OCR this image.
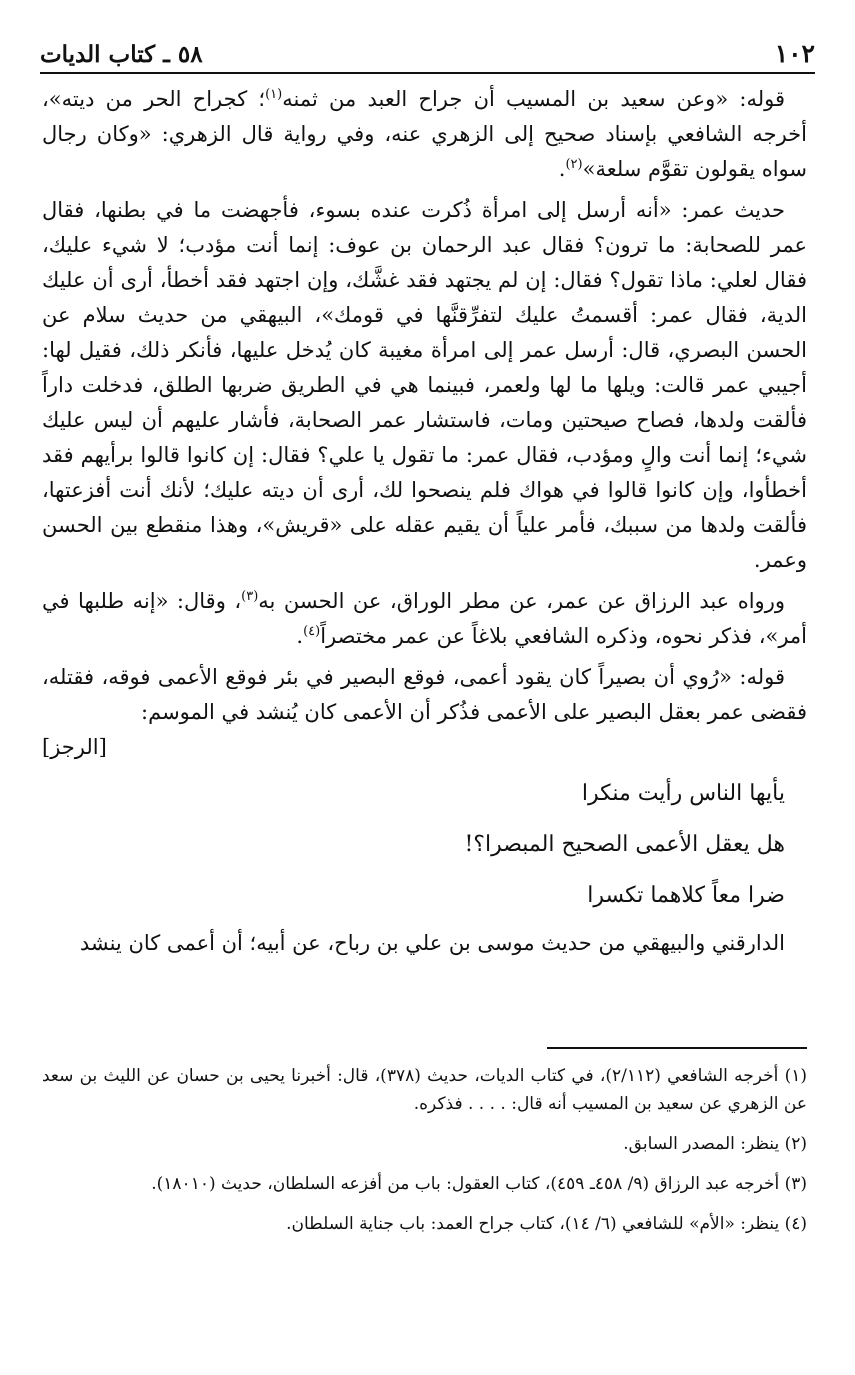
١٠٢
٥٨ ـ كتاب الديات

قوله: «وعن سعيد بن المسيب أن جراح العبد من ثمنه$^{(١)}$؛ كجراح الحر من ديته»، أخرجه الشافعي بإسناد صحيح إلى الزهري عنه، وفي رواية قال الزهري: «وكان رجال سواه يقولون تقوَّم سلعة»$^{(٢)}$.

حديث عمر: «أنه أرسل إلى امرأة ذُكرت عنده بسوء، فأجهضت ما في بطنها، فقال عمر للصحابة: ما ترون؟ فقال عبد الرحمان بن عوف: إنما أنت مؤدب؛ لا شيء عليك، فقال لعلي: ماذا تقول؟ فقال: إن لم يجتهد فقد غشَّك، وإن اجتهد فقد أخطأ، أرى أن عليك الدية، فقال عمر: أقسمتُ عليك لتفرِّقنَّها في قومك»، البيهقي من حديث سلام عن الحسن البصري، قال: أرسل عمر إلى امرأة مغيبة كان يُدخل عليها، فأنكر ذلك، فقيل لها: أجيبي عمر قالت: ويلها ما لها ولعمر، فبينما هي في الطريق ضربها الطلق، فدخلت داراً فألقت ولدها، فصاح صيحتين ومات، فاستشار عمر الصحابة، فأشار عليهم أن ليس عليك شيء؛ إنما أنت والٍ ومؤدب، فقال عمر: ما تقول يا علي؟ فقال: إن كانوا قالوا برأيهم فقد أخطأوا، وإن كانوا قالوا في هواك فلم ينصحوا لك، أرى أن ديته عليك؛ لأنك أنت أفزعتها، فألقت ولدها من سببك، فأمر علياً أن يقيم عقله على «قريش»، وهذا منقطع بين الحسن وعمر.

ورواه عبد الرزاق عن عمر، عن مطر الوراق، عن الحسن به$^{(٣)}$، وقال: «إنه طلبها في أمر»، فذكر نحوه، وذكره الشافعي بلاغاً عن عمر مختصراً$^{(٤)}$.

قوله: «رُوي أن بصيراً كان يقود أعمى، فوقع البصير في بئر فوقع الأعمى فوقه، فقتله، فقضى عمر بعقل البصير على الأعمى فذُكر أن الأعمى كان يُنشد في الموسم:

[الرجز]

يأيها الناس رأيت منكرا

هل يعقل الأعمى الصحيح المبصرا؟!

ضرا معاً كلاهما تكسرا

الدارقني والبيهقي من حديث موسى بن علي بن رباح، عن أبيه؛ أن أعمى كان ينشد

(١) أخرجه الشافعي (٢/١١٢)، في كتاب الديات، حديث (٣٧٨)، قال: أخبرنا يحيى بن حسان عن الليث بن سعد عن الزهري عن سعيد بن المسيب أنه قال: . . . . فذكره.

(٢) ينظر: المصدر السابق.

(٣) أخرجه عبد الرزاق (٩/ ٤٥٨ـ ٤٥٩)، كتاب العقول: باب من أفزعه السلطان، حديث (١٨٠١٠).

(٤) ينظر: «الأم» للشافعي (٦/ ١٤)، كتاب جراح العمد: باب جناية السلطان.
